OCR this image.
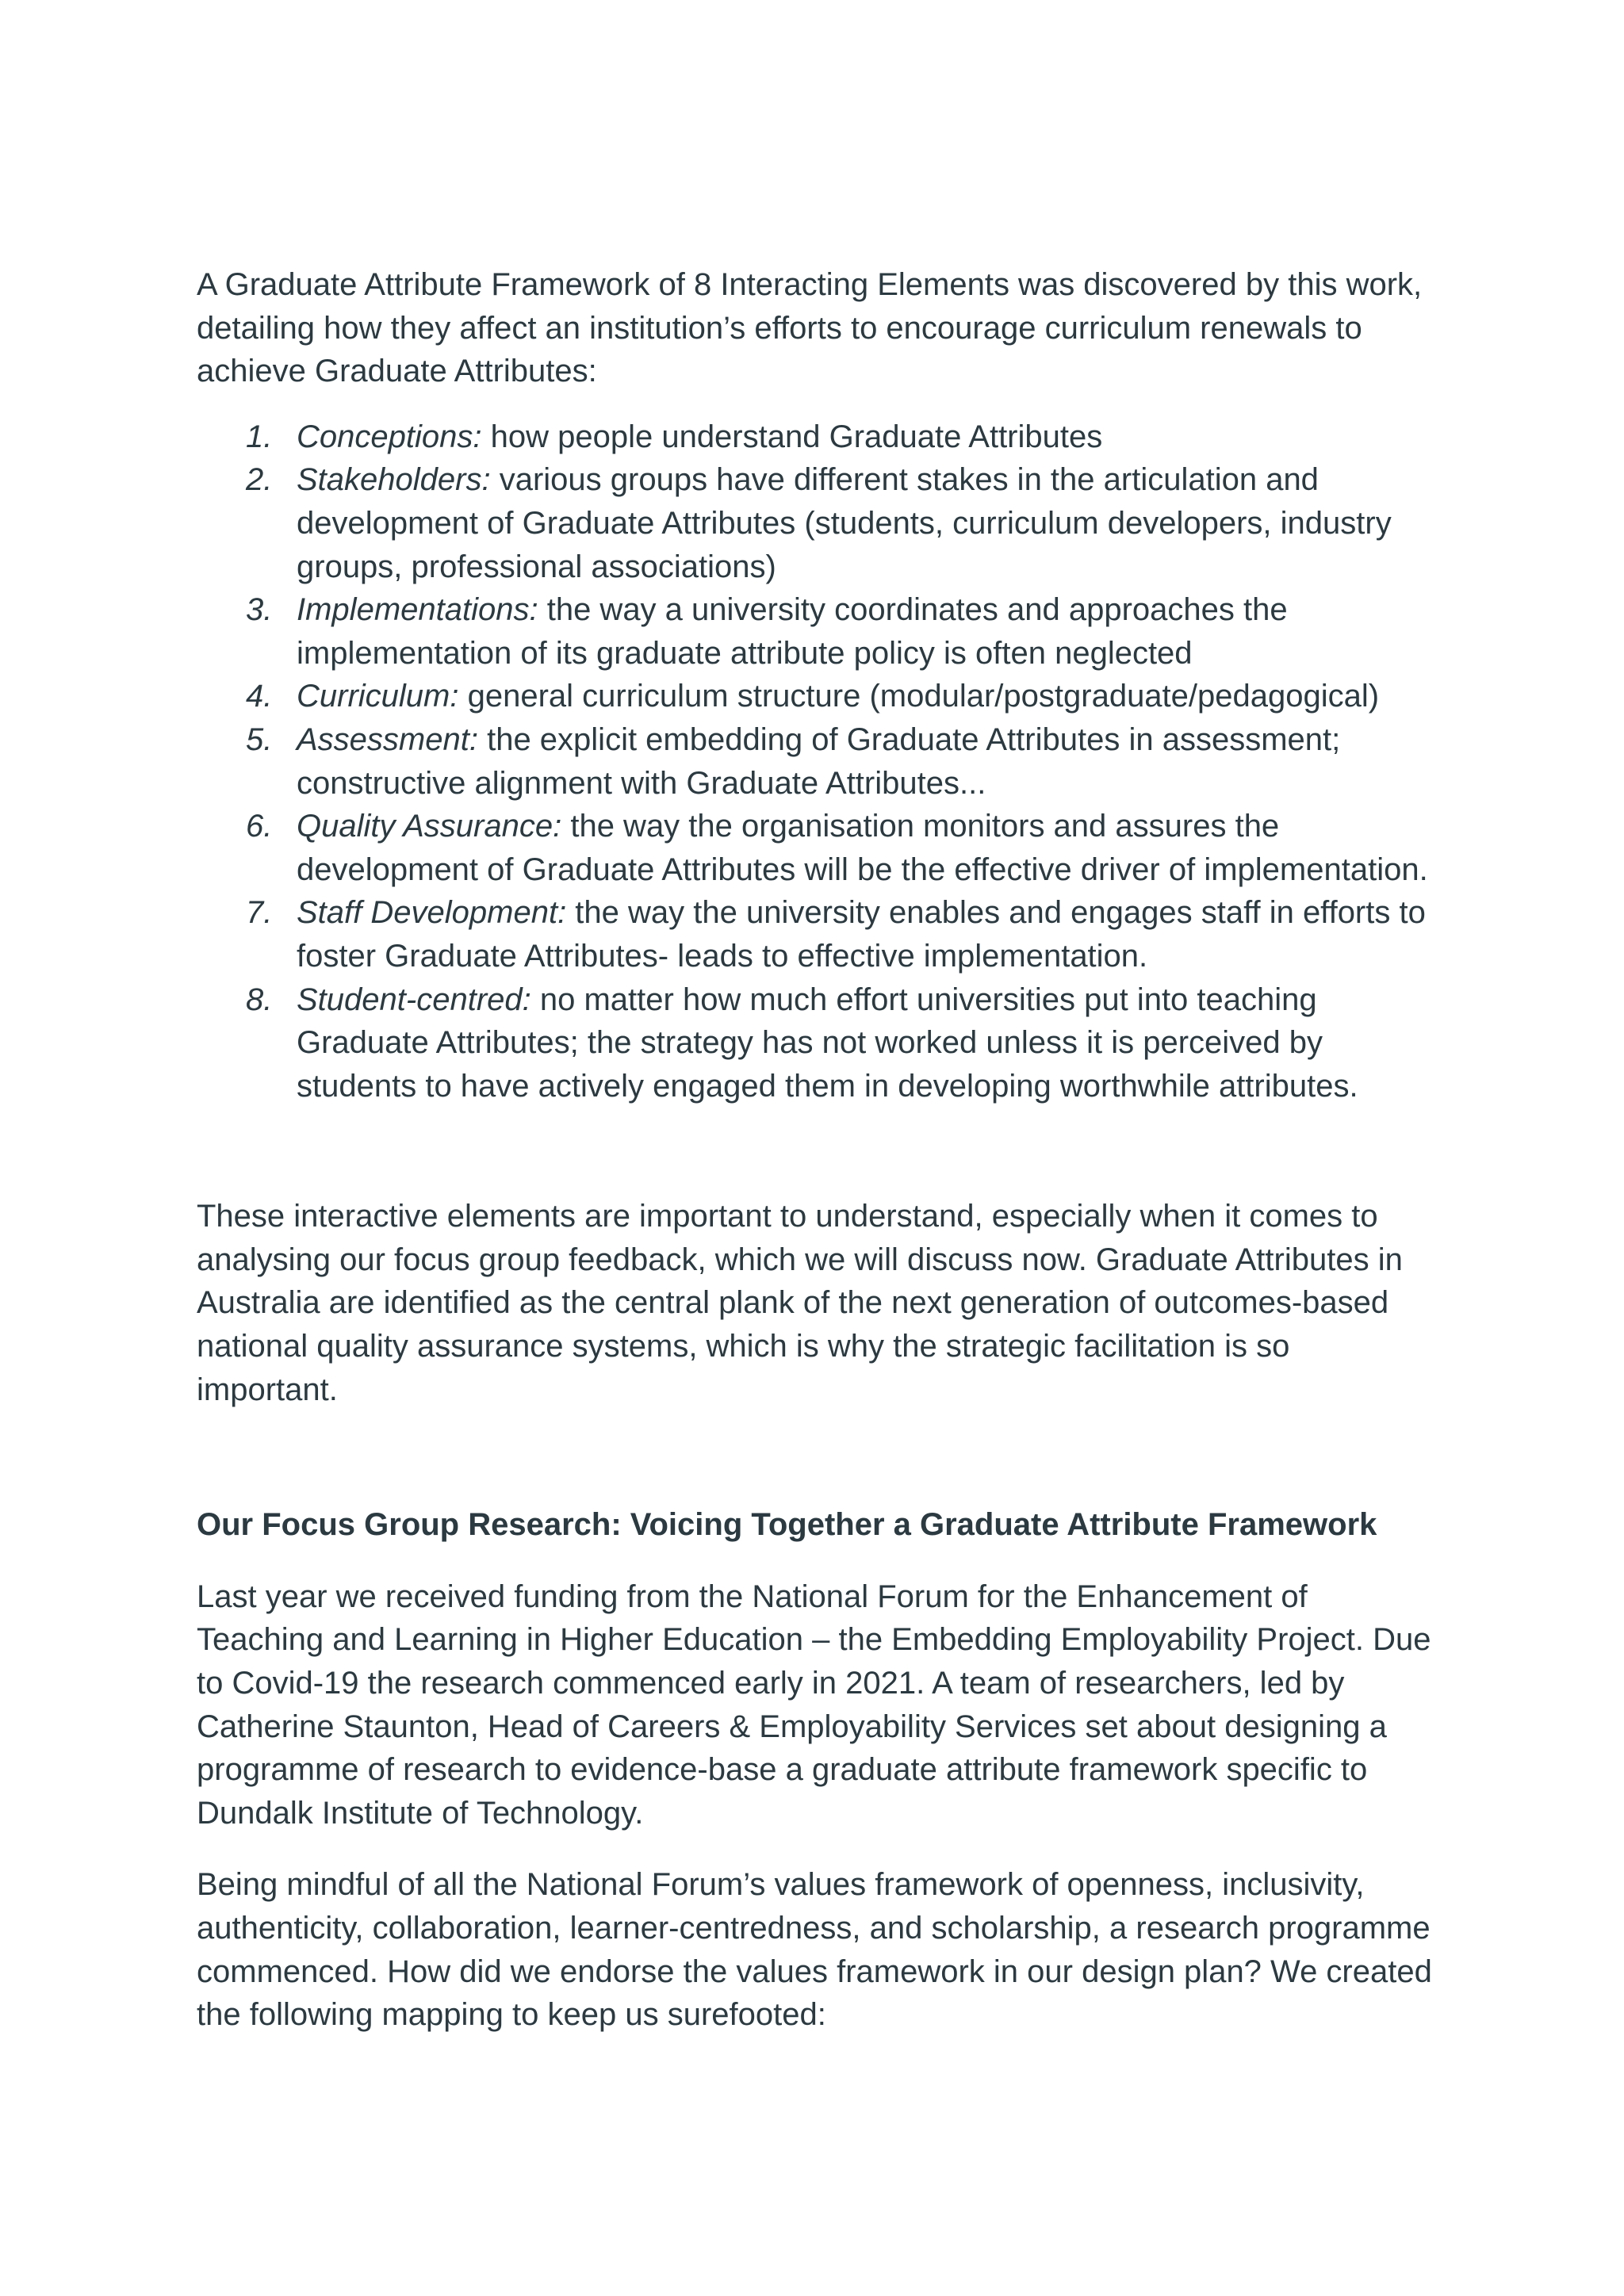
A Graduate Attribute Framework of 8 Interacting Elements was discovered by this work, detailing how they affect an institution’s efforts to encourage curriculum renewals to achieve Graduate Attributes:

1. Conceptions: how people understand Graduate Attributes
2. Stakeholders: various groups have different stakes in the articulation and development of Graduate Attributes (students, curriculum developers, industry groups, professional associations)
3. Implementations: the way a university coordinates and approaches the implementation of its graduate attribute policy is often neglected
4. Curriculum: general curriculum structure (modular/postgraduate/pedagogical)
5. Assessment: the explicit embedding of Graduate Attributes in assessment; constructive alignment with Graduate Attributes...
6. Quality Assurance: the way the organisation monitors and assures the development of Graduate Attributes will be the effective driver of implementation.
7. Staff Development: the way the university enables and engages staff in efforts to foster Graduate Attributes- leads to effective implementation.
8. Student-centred: no matter how much effort universities put into teaching Graduate Attributes; the strategy has not worked unless it is perceived by students to have actively engaged them in developing worthwhile attributes.

These interactive elements are important to understand, especially when it comes to analysing our focus group feedback, which we will discuss now. Graduate Attributes in Australia are identified as the central plank of the next generation of outcomes-based national quality assurance systems, which is why the strategic facilitation is so important.

Our Focus Group Research: Voicing Together a Graduate Attribute Framework

Last year we received funding from the National Forum for the Enhancement of Teaching and Learning in Higher Education – the Embedding Employability Project. Due to Covid-19 the research commenced early in 2021. A team of researchers, led by Catherine Staunton, Head of Careers & Employability Services set about designing a programme of research to evidence-base a graduate attribute framework specific to Dundalk Institute of Technology.

Being mindful of all the National Forum’s values framework of openness, inclusivity, authenticity, collaboration, learner-centredness, and scholarship, a research programme commenced. How did we endorse the values framework in our design plan? We created the following mapping to keep us surefooted:
